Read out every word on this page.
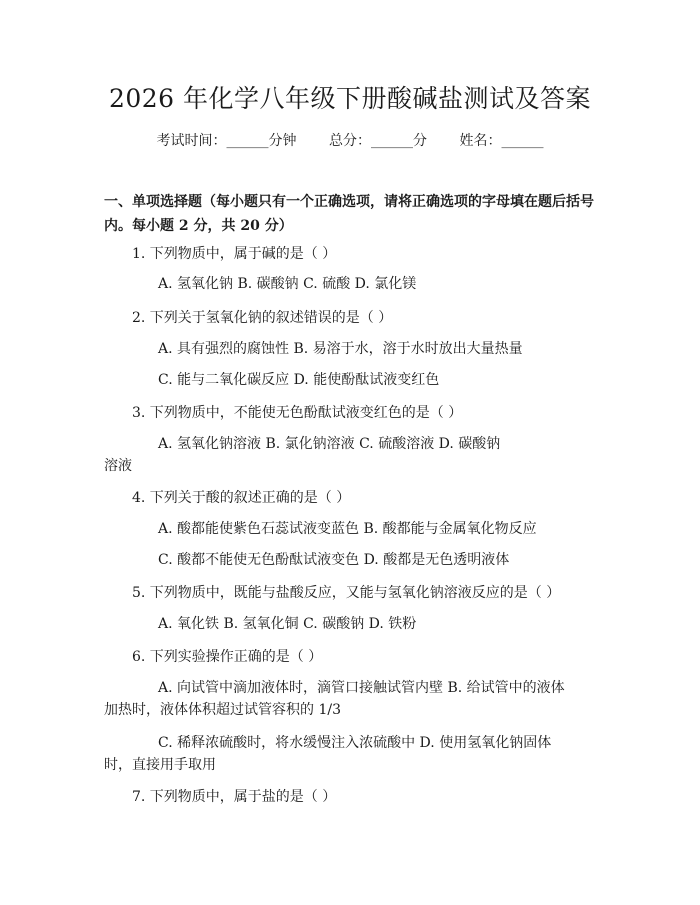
2026 年化学八年级下册酸碱盐测试及答案
考试时间：______分钟 总分：______分 姓名：______
一、单项选择题（每小题只有一个正确选项，请将正确选项的字母填在题后括号内。每小题 2 分，共 20 分）
1. 下列物质中，属于碱的是（ ）
A. 氢氧化钠 B. 碳酸钠 C. 硫酸 D. 氯化镁
2. 下列关于氢氧化钠的叙述错误的是（ ）
A. 具有强烈的腐蚀性 B. 易溶于水，溶于水时放出大量热量
C. 能与二氧化碳反应 D. 能使酚酞试液变红色
3. 下列物质中，不能使无色酚酞试液变红色的是（ ）
A. 氢氧化钠溶液 B. 氯化钠溶液 C. 硫酸溶液 D. 碳酸钠
溶液
4. 下列关于酸的叙述正确的是（ ）
A. 酸都能使紫色石蕊试液变蓝色 B. 酸都能与金属氧化物反应
C. 酸都不能使无色酚酞试液变色 D. 酸都是无色透明液体
5. 下列物质中，既能与盐酸反应，又能与氢氧化钠溶液反应的是（ ）
A. 氧化铁 B. 氢氧化铜 C. 碳酸钠 D. 铁粉
6. 下列实验操作正确的是（ ）
A. 向试管中滴加液体时，滴管口接触试管内壁 B. 给试管中的液体
加热时，液体体积超过试管容积的 1/3
C. 稀释浓硫酸时，将水缓慢注入浓硫酸中 D. 使用氢氧化钠固体
时，直接用手取用
7. 下列物质中，属于盐的是（ ）
